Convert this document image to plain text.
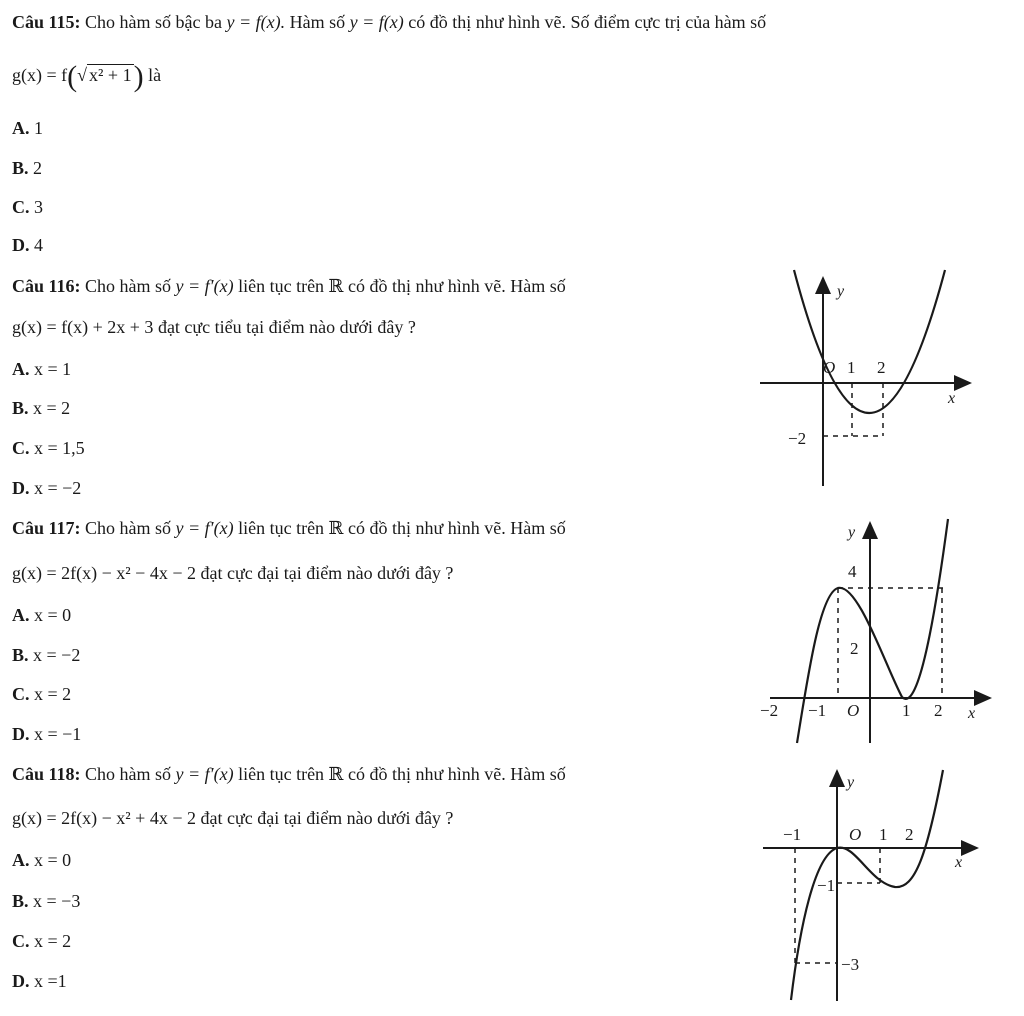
Câu 115: Cho hàm số bậc ba y = f(x). Hàm số y = f(x) có đồ thị như hình vẽ. Số điểm cực trị của hàm số
g(x) = f(√ x² + 1) là
A. 1
B. 2
C. 3
D. 4
Câu 116: Cho hàm số y = f′(x) liên tục trên ℝ có đồ thị như hình vẽ. Hàm số
g(x) = f(x) + 2x + 3 đạt cực tiểu tại điểm nào dưới đây ?
A. x = 1
B. x = 2
C. x = 1,5
D. x = −2
y
x
O 1 2
−2
Câu 117: Cho hàm số y = f′(x) liên tục trên ℝ có đồ thị như hình vẽ. Hàm số
g(x) = 2f(x) − x² − 4x − 2 đạt cực đại tại điểm nào dưới đây ?
A. x = 0
B. x = −2
C. x = 2
D. x = −1
y
x
4
2
−2 −1 O	1 2
Câu 118: Cho hàm số y = f′(x) liên tục trên ℝ có đồ thị như hình vẽ. Hàm số
g(x) = 2f(x) − x² + 4x − 2 đạt cực đại tại điểm nào dưới đây ?
A. x = 0
B. x = −3
C. x = 2
D. x =1
y
x
−1	O 1 2
−1
−3
